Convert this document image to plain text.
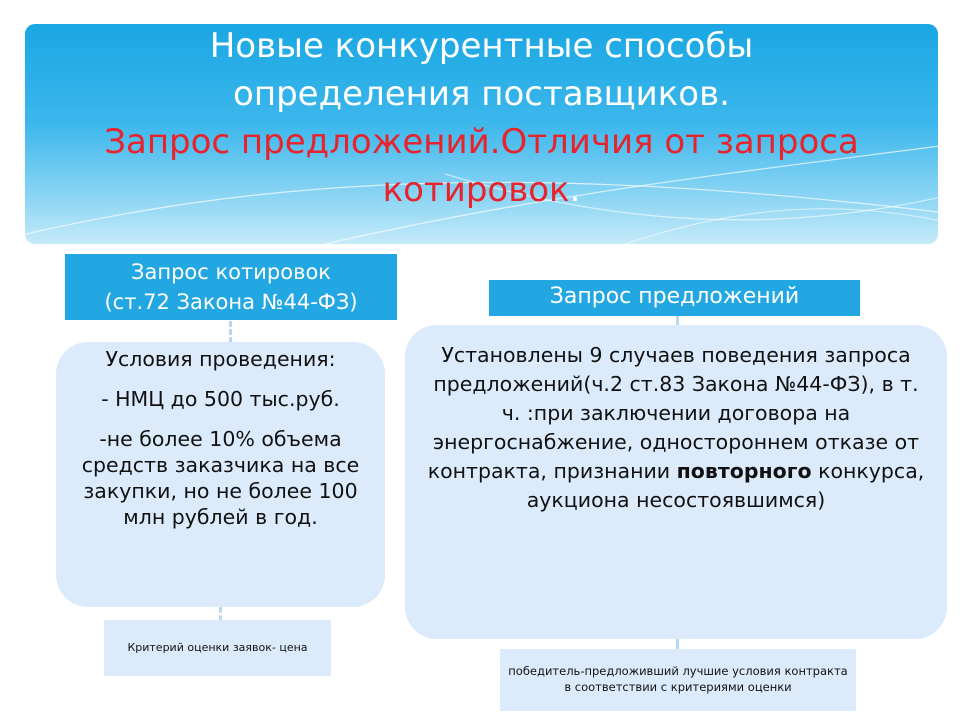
Новые конкурентные способы
определения поставщиков.
Запрос предложений.Отличия от запроса
котировок.
Запрос котировок
(ст.72 Закона №44-ФЗ)
Условия проведения:
- НМЦ до 500 тыс.руб.
-не более 10% объема средств заказчика на все закупки, но не более 100 млн рублей в год.
Критерий оценки заявок- цена
Запрос предложений
Установлены 9 случаев поведения запроса предложений(ч.2 ст.83 Закона №44-ФЗ), в т. ч. :при заключении договора на энергоснабжение, одностороннем отказе от контракта, признании повторного конкурса, аукциона несостоявшимся)
победитель-предложивший лучшие условия контракта в соответствии с критериями оценки
